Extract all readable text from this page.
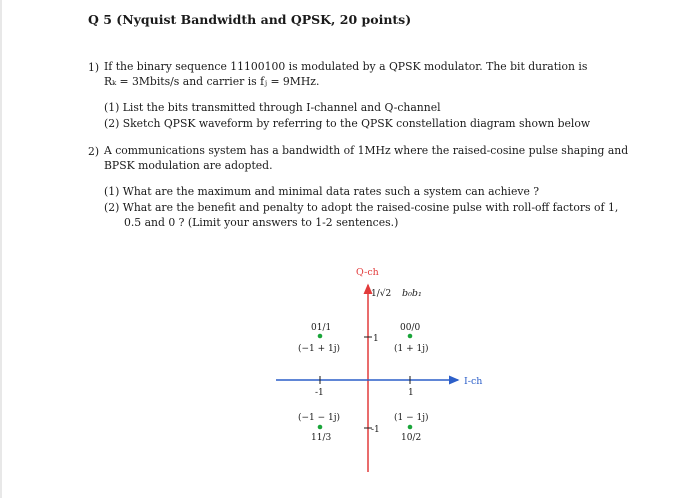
Q 5 (Nyquist Bandwidth and QPSK, 20 points)
1) If the binary sequence 11100100 is modulated by a QPSK modulator. The bit duration is
Rₖ = 3Mbits/s and carrier is fⱼ = 9MHz.
(1) List the bits transmitted through I-channel and Q-channel
(2) Sketch QPSK waveform by referring to the QPSK constellation diagram shown below
2) A communications system has a bandwidth of 1MHz where the raised-cosine pulse shaping and
BPSK modulation are adopted.
(1) What are the maximum and minimal data rates such a system can achieve ?
(2) What are the benefit and penalty to adopt the raised-cosine pulse with roll-off factors of 1,
0.5 and 0 ? (Limit your answers to 1-2 sentences.)
Q-ch
I-ch
1/√2 b₀b₁
1
-1
-1	1
01/1
(−1 + 1j)
00/0
(1 + 1j)
(−1 − 1j)
11/3
(1 − 1j)
10/2
